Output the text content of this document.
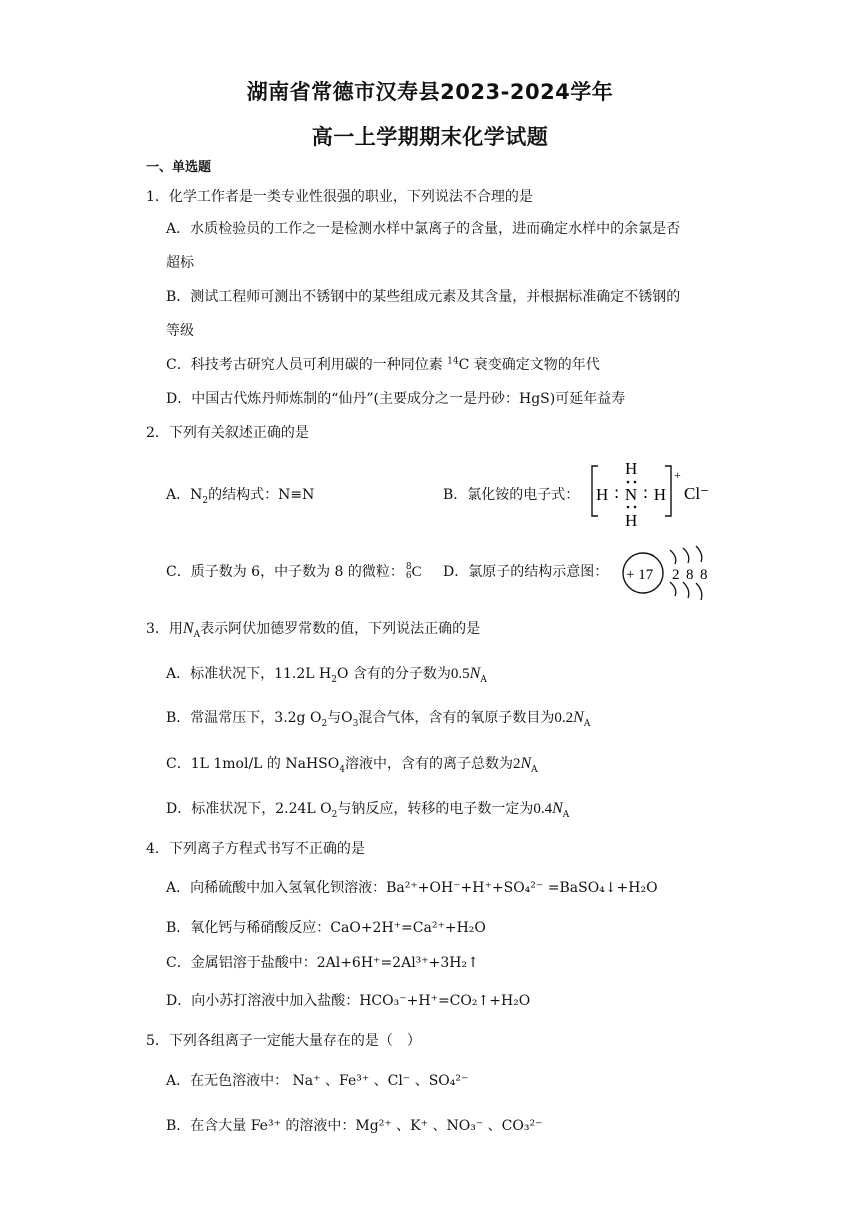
湖南省常德市汉寿县2023-2024学年
高一上学期期末化学试题
一、单选题
1．化学工作者是一类专业性很强的职业，下列说法不合理的是
A．水质检验员的工作之一是检测水样中氯离子的含量，进而确定水样中的余氯是否
超标
B．测试工程师可测出不锈钢中的某些组成元素及其含量，并根据标准确定不锈钢的
等级
C．科技考古研究人员可利用碳的一种同位素 $^{14}$C 衰变确定文物的年代
D．中国古代炼丹师炼制的“仙丹”(主要成分之一是丹砂：HgS)可延年益寿
2．下列有关叙述正确的是
A．$N_2$的结构式：N≡N	B．氯化铵的电子式：
H
H∶N∶H
H
+
Cl⁻
C．质子数为 6，中子数为 8 的微粒： 8
6 C D．氯原子的结构示意图： + 17 2 8 8
3．用$N_A$表示阿伏加德罗常数的值，下列说法正确的是
A．标准状况下，11.2L $H_2O$ 含有的分子数为$0.5N_A$
B．常温常压下，3.2g $O_2$与$O_3$混合气体，含有的氧原子数目为$0.2N_A$
C．1L 1mol/L 的 NaHSO$_4$溶液中，含有的离子总数为$2N_A$
D．标准状况下，2.24L $O_2$与钠反应，转移的电子数一定为$0.4N_A$
4．下列离子方程式书写不正确的是
A．向稀硫酸中加入氢氧化钡溶液：Ba²⁺+OH⁻+H⁺+SO₄²⁻ =BaSO₄↓+H₂O
B．氧化钙与稀硝酸反应：CaO+2H⁺=Ca²⁺+H₂O
C．金属铝溶于盐酸中：2Al+6H⁺=2Al³⁺+3H₂↑
D．向小苏打溶液中加入盐酸：HCO₃⁻+H⁺=CO₂↑+H₂O
5．下列各组离子一定能大量存在的是（　）
A．在无色溶液中： Na⁺ 、Fe³⁺ 、Cl⁻ 、SO₄²⁻
B．在含大量 Fe³⁺ 的溶液中：Mg²⁺ 、K⁺ 、NO₃⁻ 、CO₃²⁻
